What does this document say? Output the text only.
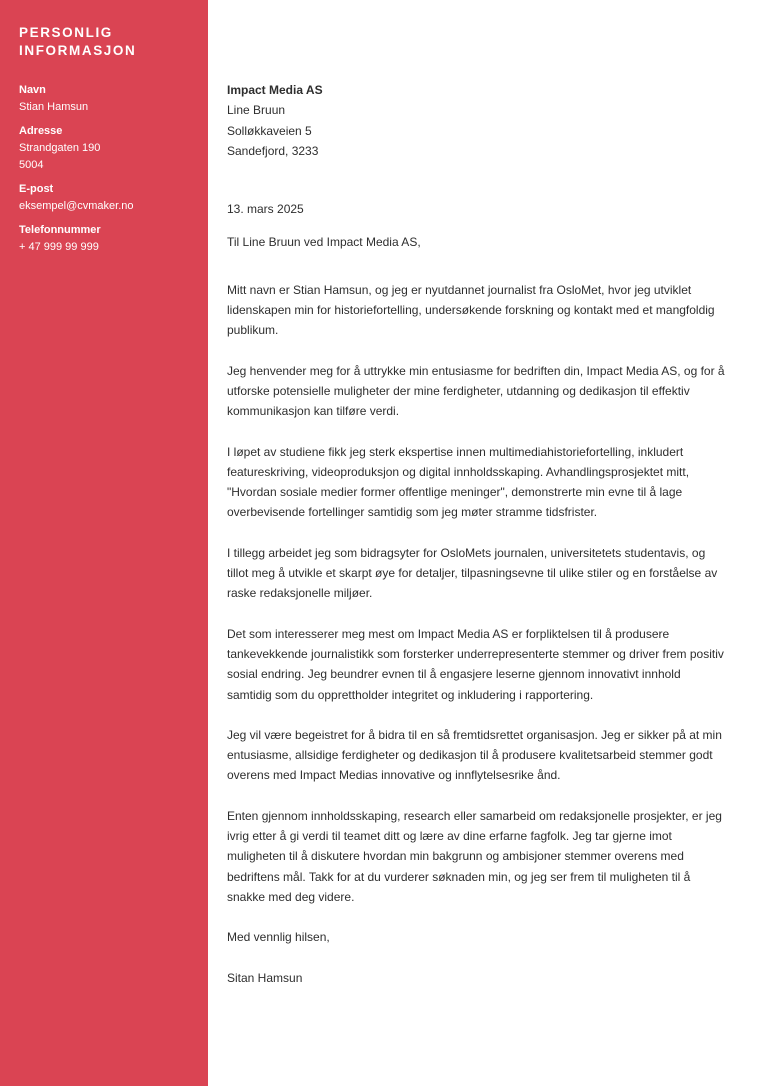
PERSONLIG INFORMASJON
Navn
Stian Hamsun
Adresse
Strandgaten 190
5004
E-post
eksempel@cvmaker.no
Telefonnummer
+ 47 999 99 999
Impact Media AS
Line Bruun
Solløkkaveien 5
Sandefjord, 3233
13. mars 2025
Til Line Bruun ved Impact Media AS,

Mitt navn er Stian Hamsun, og jeg er nyutdannet journalist fra OsloMet, hvor jeg utviklet lidenskapen min for historiefortelling, undersøkende forskning og kontakt med et mangfoldig publikum.

Jeg henvender meg for å uttrykke min entusiasme for bedriften din, Impact Media AS, og for å utforske potensielle muligheter der mine ferdigheter, utdanning og dedikasjon til effektiv kommunikasjon kan tilføre verdi.

I løpet av studiene fikk jeg sterk ekspertise innen multimediahistoriefortelling, inkludert featureskriving, videoproduksjon og digital innholdsskaping. Avhandlingsprosjektet mitt, "Hvordan sosiale medier former offentlige meninger", demonstrerte min evne til å lage overbevisende fortellinger samtidig som jeg møter stramme tidsfrister.

I tillegg arbeidet jeg som bidragsyter for OsloMets journalen, universitetets studentavis, og tillot meg å utvikle et skarpt øye for detaljer, tilpasningsevne til ulike stiler og en forståelse av raske redaksjonelle miljøer.

Det som interesserer meg mest om Impact Media AS er forpliktelsen til å produsere tankevekkende journalistikk som forsterker underrepresenterte stemmer og driver frem positiv sosial endring. Jeg beundrer evnen til å engasjere leserne gjennom innovativt innhold samtidig som du opprettholder integritet og inkludering i rapportering.

Jeg vil være begeistret for å bidra til en så fremtidsrettet organisasjon. Jeg er sikker på at min entusiasme, allsidige ferdigheter og dedikasjon til å produsere kvalitetsarbeid stemmer godt overens med Impact Medias innovative og innflytelsesrike ånd.

Enten gjennom innholdsskaping, research eller samarbeid om redaksjonelle prosjekter, er jeg ivrig etter å gi verdi til teamet ditt og lære av dine erfarne fagfolk. Jeg tar gjerne imot muligheten til å diskutere hvordan min bakgrunn og ambisjoner stemmer overens med bedriftens mål. Takk for at du vurderer søknaden min, og jeg ser frem til muligheten til å snakke med deg videre.

Med vennlig hilsen,
Sitan Hamsun
